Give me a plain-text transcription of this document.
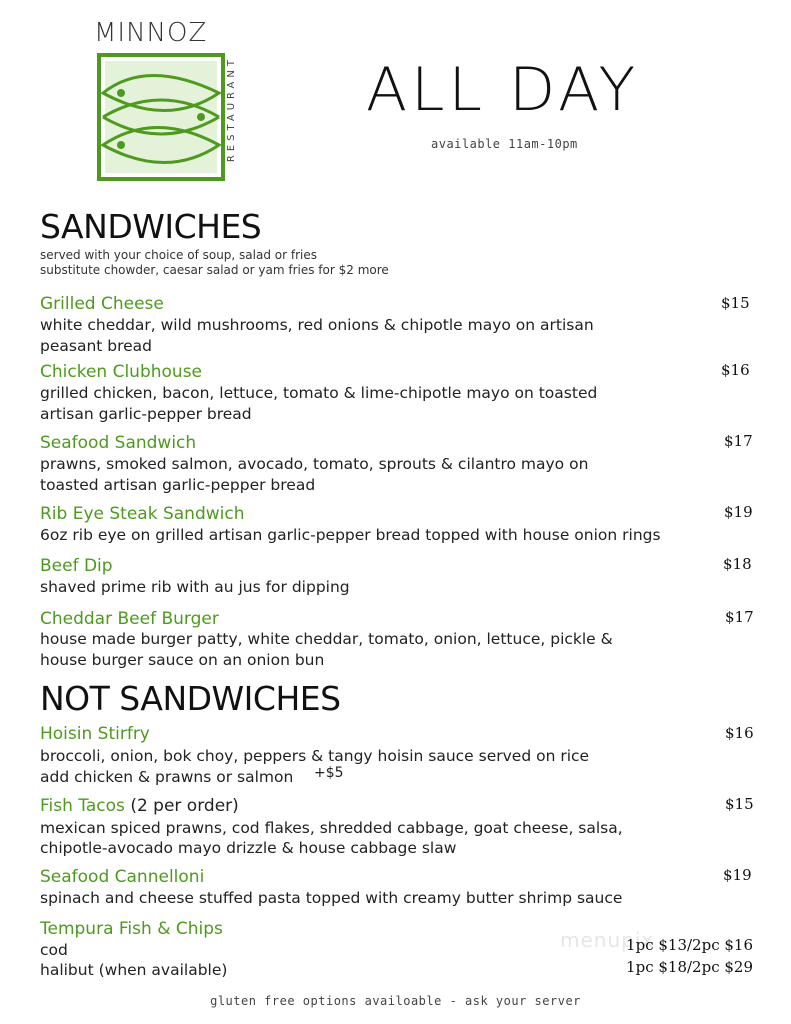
MINNOZ
RESTAURANT ALL DAY
available 11am-10pm
SANDWICHES
served with your choice of soup, salad or fries
substitute chowder, caesar salad or yam fries for $2 more
Grilled Cheese	$15
white cheddar, wild mushrooms, red onions & chipotle mayo on artisan
peasant bread
Chicken Clubhouse	$16
grilled chicken, bacon, lettuce, tomato & lime-chipotle mayo on toasted
artisan garlic-pepper bread
Seafood Sandwich	$17
prawns, smoked salmon, avocado, tomato, sprouts & cilantro mayo on
toasted artisan garlic-pepper bread
Rib Eye Steak Sandwich	$19
6oz rib eye on grilled artisan garlic-pepper bread topped with house onion rings
Beef Dip	$18
shaved prime rib with au jus for dipping
Cheddar Beef Burger	$17
house made burger patty, white cheddar, tomato, onion, lettuce, pickle &
house burger sauce on an onion bun
NOT SANDWICHES
Hoisin Stirfry	$16
broccoli, onion, bok choy, peppers & tangy hoisin sauce served on rice
add chicken & prawns or salmon	+$5
Fish Tacos (2 per order)	$15
mexican spiced prawns, cod flakes, shredded cabbage, goat cheese, salsa,
chipotle-avocado mayo drizzle & house cabbage slaw
Seafood Cannelloni	$19
spinach and cheese stuffed pasta topped with creamy butter shrimp sauce
menupix
Tempura Fish & Chips
cod	1pc $13/2pc $16
halibut (when available)	1pc $18/2pc $29
gluten free options availoable - ask your server
